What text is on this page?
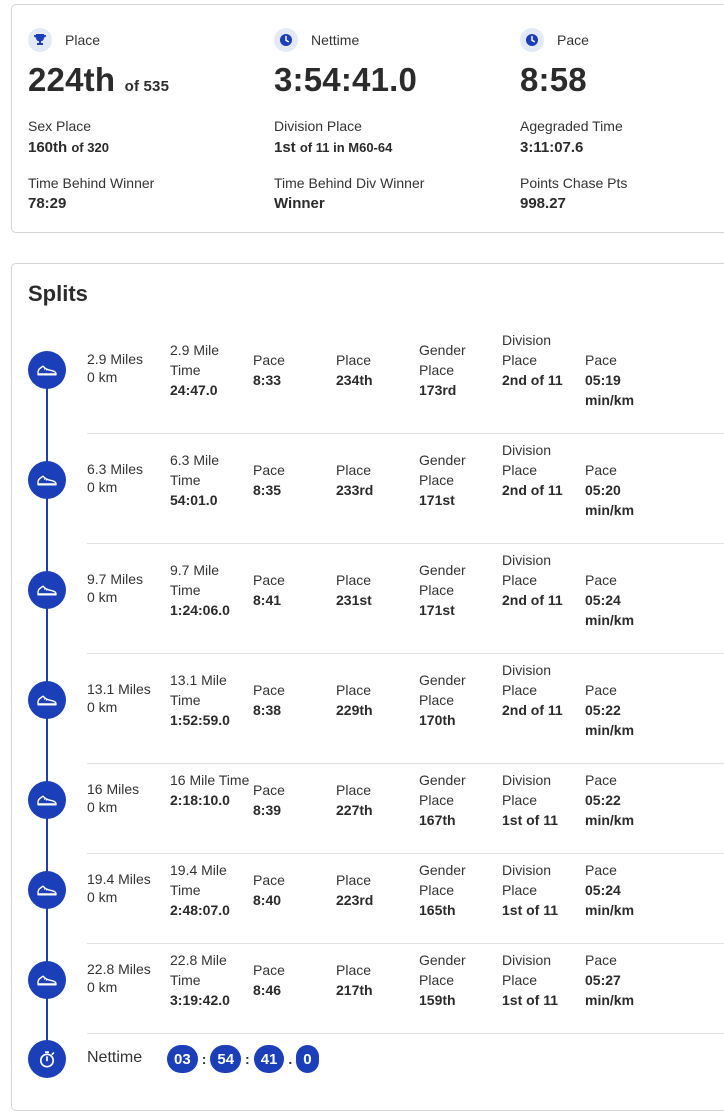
Place
224th of 535
Sex Place
160th of 320
Time Behind Winner
78:29
Nettime
3:54:41.0
Division Place
1st of 11 in M60-64
Time Behind Div Winner
Winner
Pace
8:58
Agegraded Time
3:11:07.6
Points Chase Pts
998.27
Splits
2.9 Miles
0 km
2.9 Mile Time
24:47.0
Pace
8:33
Place
234th
Gender Place
173rd
Division Place
2nd of 11
Pace
05:19 min/km
6.3 Miles
0 km
6.3 Mile Time
54:01.0
Pace
8:35
Place
233rd
Gender Place
171st
Division Place
2nd of 11
Pace
05:20 min/km
9.7 Miles
0 km
9.7 Mile Time
1:24:06.0
Pace
8:41
Place
231st
Gender Place
171st
Division Place
2nd of 11
Pace
05:24 min/km
13.1 Miles
0 km
13.1 Mile Time
1:52:59.0
Pace
8:38
Place
229th
Gender Place
170th
Division Place
2nd of 11
Pace
05:22 min/km
16 Miles
0 km
16 Mile Time
2:18:10.0
Pace
8:39
Place
227th
Gender Place
167th
Division Place
1st of 11
Pace
05:22 min/km
19.4 Miles
0 km
19.4 Mile Time
2:48:07.0
Pace
8:40
Place
223rd
Gender Place
165th
Division Place
1st of 11
Pace
05:24 min/km
22.8 Miles
0 km
22.8 Mile Time
3:19:42.0
Pace
8:46
Place
217th
Gender Place
159th
Division Place
1st of 11
Pace
05:27 min/km
Nettime	03 : 54 : 41 . 0
